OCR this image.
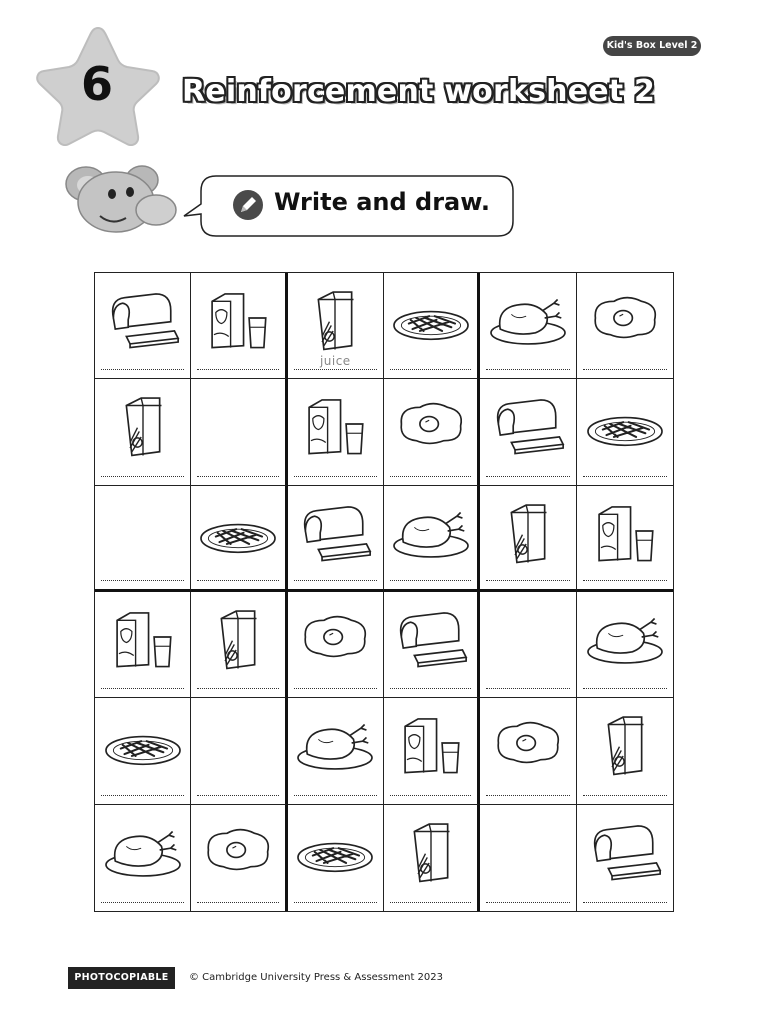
Kid's Box Level 2
6	Reinforcement worksheet 2
Write and draw.
juice
PHOTOCOPIABLE	© Cambridge University Press & Assessment 2023
